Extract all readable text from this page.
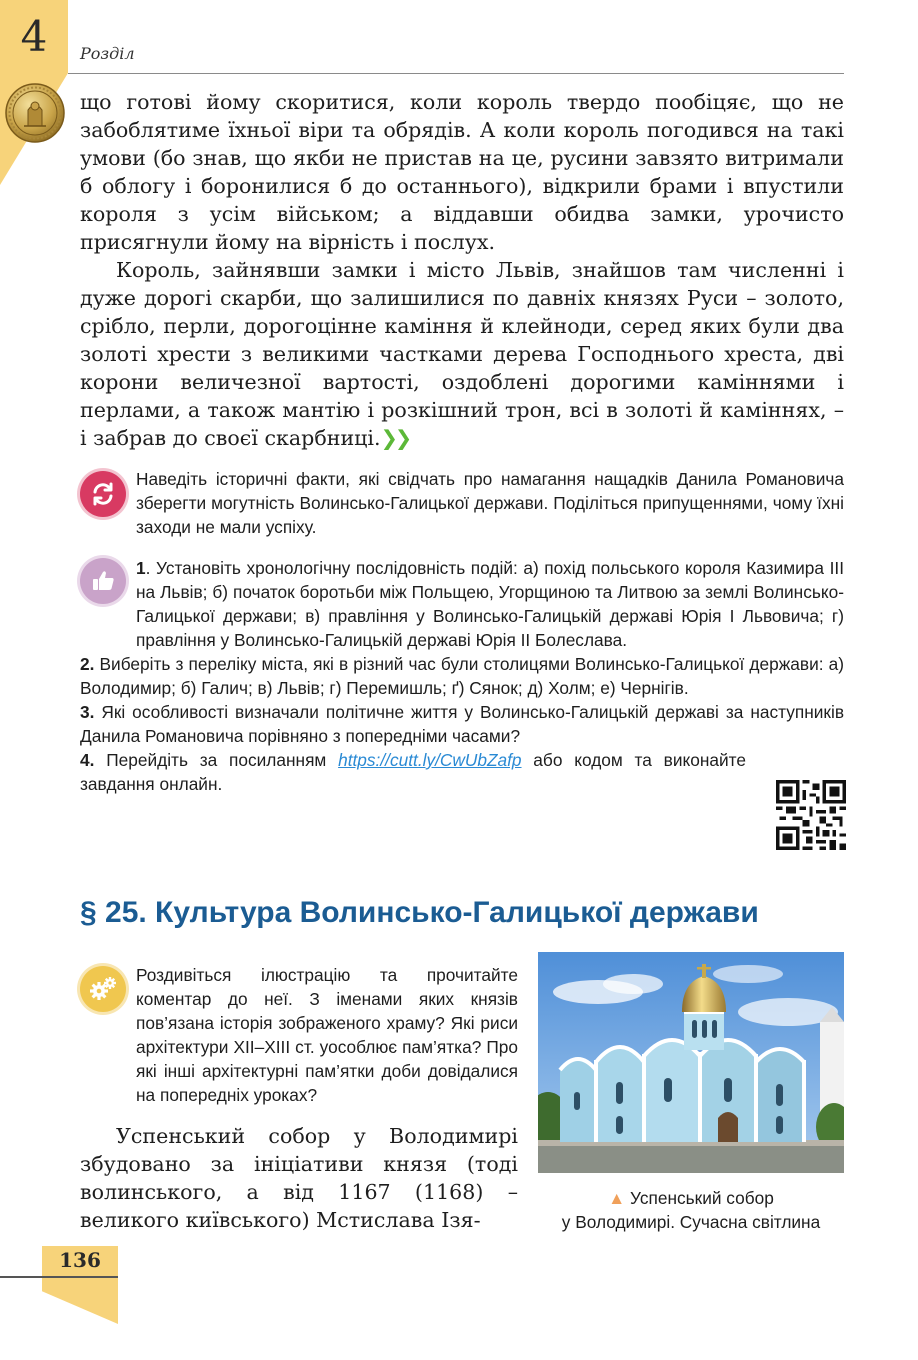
4 Розділ

що готові йому скоритися, коли король твердо пообіцяє, що не забоблятиме їхньої віри та обрядів. А коли король погодився на такі умови (бо знав, що якби не пристав на це, русини завзято витримали б облогу і боронилися б до останнього), відкрили брами і впустили короля з усім військом; а віддавши обидва замки, урочисто присягнули йому на вірність і послух.

Король, зайнявши замки і місто Львів, знайшов там численні і дуже дорогі скарби, що залишилися по давніх князях Руси – золото, срібло, перли, дорогоцінне каміння й клейноди, серед яких були два золоті хрести з великими частками дерева Господнього хреста, дві корони величезної вартості, оздоблені дорогими каміннями і перлами, а також мантію і розкішний трон, всі в золоті й каміннях, – і забрав до своєї скарбниці.❯❯

Наведіть історичні факти, які свідчать про намагання нащадків Данила Романовича зберегти могутність Волинсько-Галицької держави. Поділіться припущеннями, чому їхні заходи не мали успіху.

1. Установіть хронологічну послідовність подій: а) похід польського короля Казимира ІІІ на Львів; б) початок боротьби між Польщею, Угорщиною та Литвою за землі Волинсько-Галицької держави; в) правління у Волинсько-Галицькій державі Юрія І Львовича; г) правління у Волинсько-Галицькій державі Юрія ІІ Болеслава.

2. Виберіть з переліку міста, які в різний час були столицями Волинсько-Галицької держави: а) Володимир; б) Галич; в) Львів; г) Перемишль; ґ) Сянок; д) Холм; е) Чернігів.

3. Які особливості визначали політичне життя у Волинсько-Галицькій державі за наступників Данила Романовича порівняно з попередніми часами?

4. Перейдіть за посиланням https://cutt.ly/CwUbZafp або кодом та виконайте завдання онлайн.

§ 25. Культура Волинсько-Галицької держави

Роздивіться ілюстрацію та прочитайте коментар до неї. З іменами яких князів пов’язана історія зображеного храму? Які риси архітектури XII–XIII ст. уособлює пам’ятка? Про які інші архітектурні пам’ятки доби довідалися на попередніх уроках?

Успенський собор у Володимирі збудовано за ініціативи князя (тоді волинського, а від 1167 (1168) – великого київського) Мстислава Ізя-

▲ Успенський собор
у Володимирі. Сучасна світлина

136
